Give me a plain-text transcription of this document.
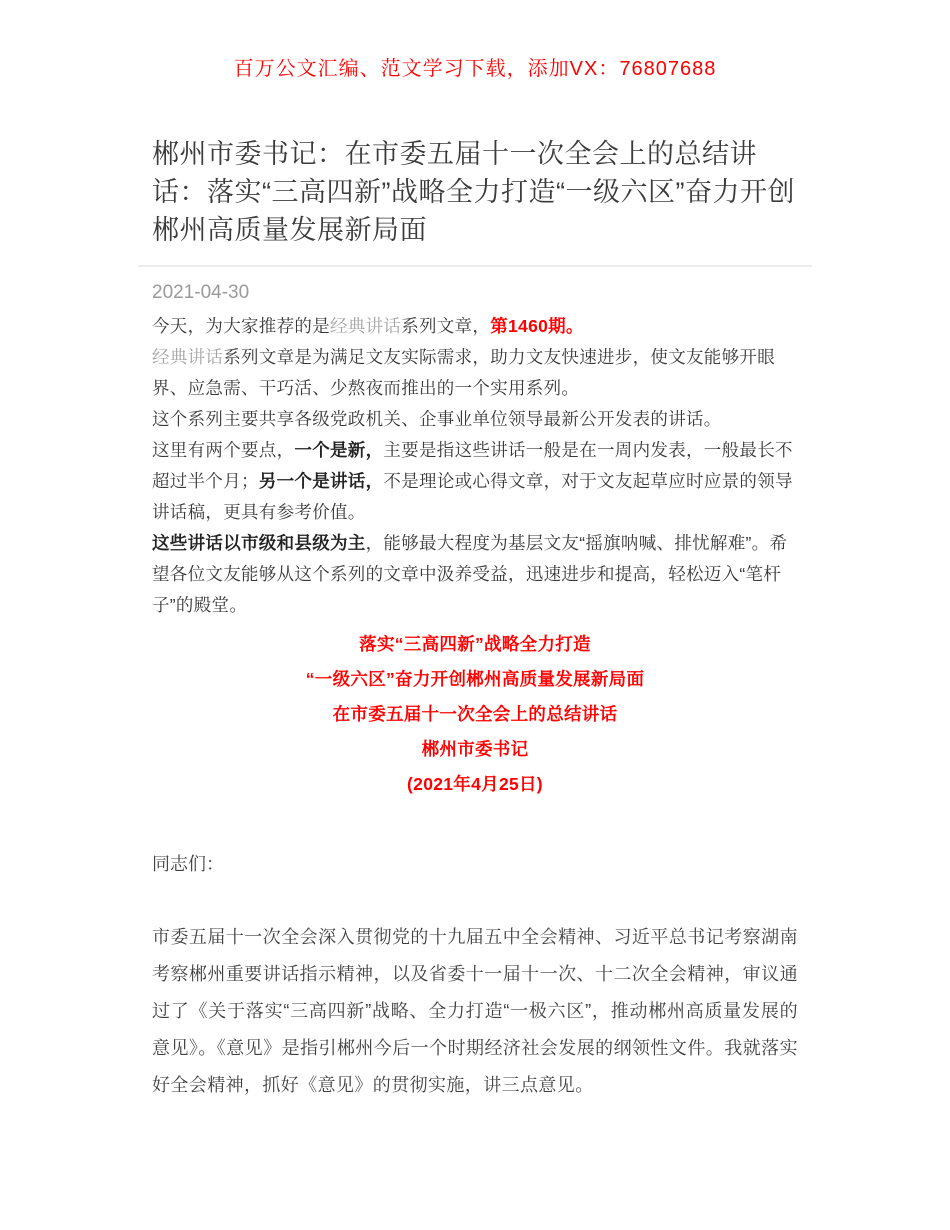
百万公文汇编、范文学习下载，添加VX：76807688
郴州市委书记：在市委五届十一次全会上的总结讲话：落实“三高四新”战略全力打造“一级六区”奋力开创郴州高质量发展新局面
2021-04-30

今天，为大家推荐的是经典讲话系列文章，第1460期。

经典讲话系列文章是为满足文友实际需求，助力文友快速进步，使文友能够开眼界、应急需、干巧活、少熬夜而推出的一个实用系列。

这个系列主要共享各级党政机关、企事业单位领导最新公开发表的讲话。

这里有两个要点，一个是新，主要是指这些讲话一般是在一周内发表，一般最长不超过半个月；另一个是讲话，不是理论或心得文章，对于文友起草应时应景的领导讲话稿，更具有参考价值。

这些讲话以市级和县级为主，能够最大程度为基层文友“摇旗呐喊、排忧解难”。希望各位文友能够从这个系列的文章中汲养受益，迅速进步和提高，轻松迈入“笔杆子”的殿堂。

落实“三高四新”战略全力打造
“一级六区”奋力开创郴州高质量发展新局面
在市委五届十一次全会上的总结讲话
郴州市委书记
(2021年4月25日)

同志们：

市委五届十一次全会深入贯彻党的十九届五中全会精神、习近平总书记考察湖南考察郴州重要讲话指示精神，以及省委十一届十一次、十二次全会精神，审议通过了《关于落实“三高四新”战略、全力打造“一极六区”，推动郴州高质量发展的意见》。《意见》是指引郴州今后一个时期经济社会发展的纲领性文件。我就落实好全会精神，抓好《意见》的贯彻实施，讲三点意见。
